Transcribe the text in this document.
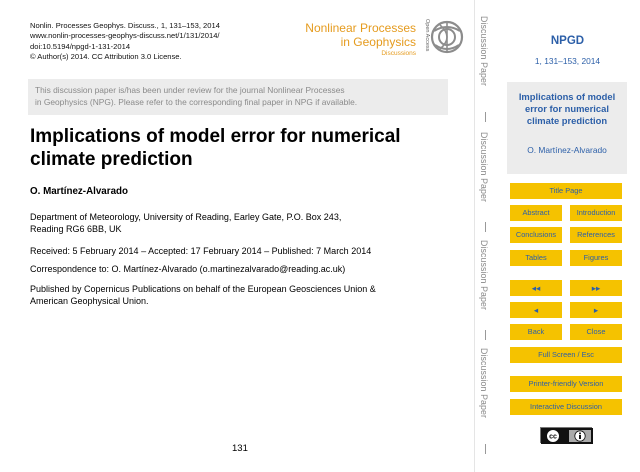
Nonlin. Processes Geophys. Discuss., 1, 131–153, 2014
www.nonlin-processes-geophys-discuss.net/1/131/2014/
doi:10.5194/npgd-1-131-2014
© Author(s) 2014. CC Attribution 3.0 License.
Nonlinear Processes
in Geophysics
Discussions
Open Access
This discussion paper is/has been under review for the journal Nonlinear Processes
in Geophysics (NPG). Please refer to the corresponding final paper in NPG if available.
Implications of model error for numerical
climate prediction
O. Martínez-Alvarado
Department of Meteorology, University of Reading, Earley Gate, P.O. Box 243,
Reading RG6 6BB, UK
Received: 5 February 2014 – Accepted: 17 February 2014 – Published: 7 March 2014
Correspondence to: O. Martínez-Alvarado (o.martinezalvarado@reading.ac.uk)
Published by Copernicus Publications on behalf of the European Geosciences Union &
American Geophysical Union.
131
Discussion Paper
Discussion Paper
Discussion Paper
Discussion Paper
NPGD
1, 131–153, 2014
Implications of model
error for numerical
climate prediction
O. Martínez-Alvarado
Title Page
Abstract	Introduction
Conclusions	References
Tables	Figures
◂◂	▸▸
◂	▸
Back	Close
Full Screen / Esc
Printer-friendly Version
Interactive Discussion
cc
